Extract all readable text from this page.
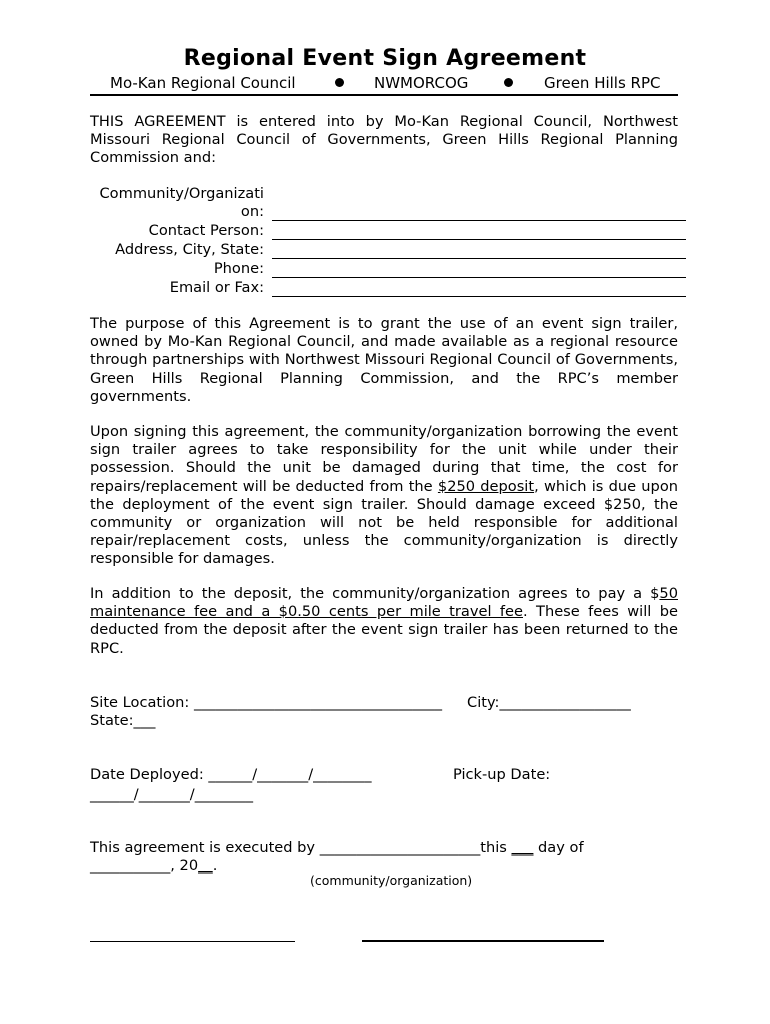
Regional Event Sign Agreement
Mo-Kan Regional Council	NWMORCOG	Green Hills RPC

THIS AGREEMENT is entered into by Mo-Kan Regional Council, Northwest Missouri Regional Council of Governments, Green Hills Regional Planning Commission and:

Community/Organizati
on:
Contact Person:
Address, City, State:
Phone:
Email or Fax:

The purpose of this Agreement is to grant the use of an event sign trailer, owned by Mo-Kan Regional Council, and made available as a regional resource through partnerships with Northwest Missouri Regional Council of Governments, Green Hills Regional Planning Commission, and the RPC’s member governments.

Upon signing this agreement, the community/organization borrowing the event sign trailer agrees to take responsibility for the unit while under their possession. Should the unit be damaged during that time, the cost for repairs/replacement will be deducted from the $250 deposit, which is due upon the deployment of the event sign trailer. Should damage exceed $250, the community or organization will not be held responsible for additional repair/replacement costs, unless the community/organization is directly responsible for damages.

In addition to the deposit, the community/organization agrees to pay a $50 maintenance fee and a $0.50 cents per mile travel fee. These fees will be deducted from the deposit after the event sign trailer has been returned to the RPC.

Site Location: __________________________________ City:__________________
State:___
Date Deployed: ______/_______/________	Pick-up Date:
______/_______/________
This agreement is executed by ______________________this ___ day of
___________, 20__.
(community/organization)
